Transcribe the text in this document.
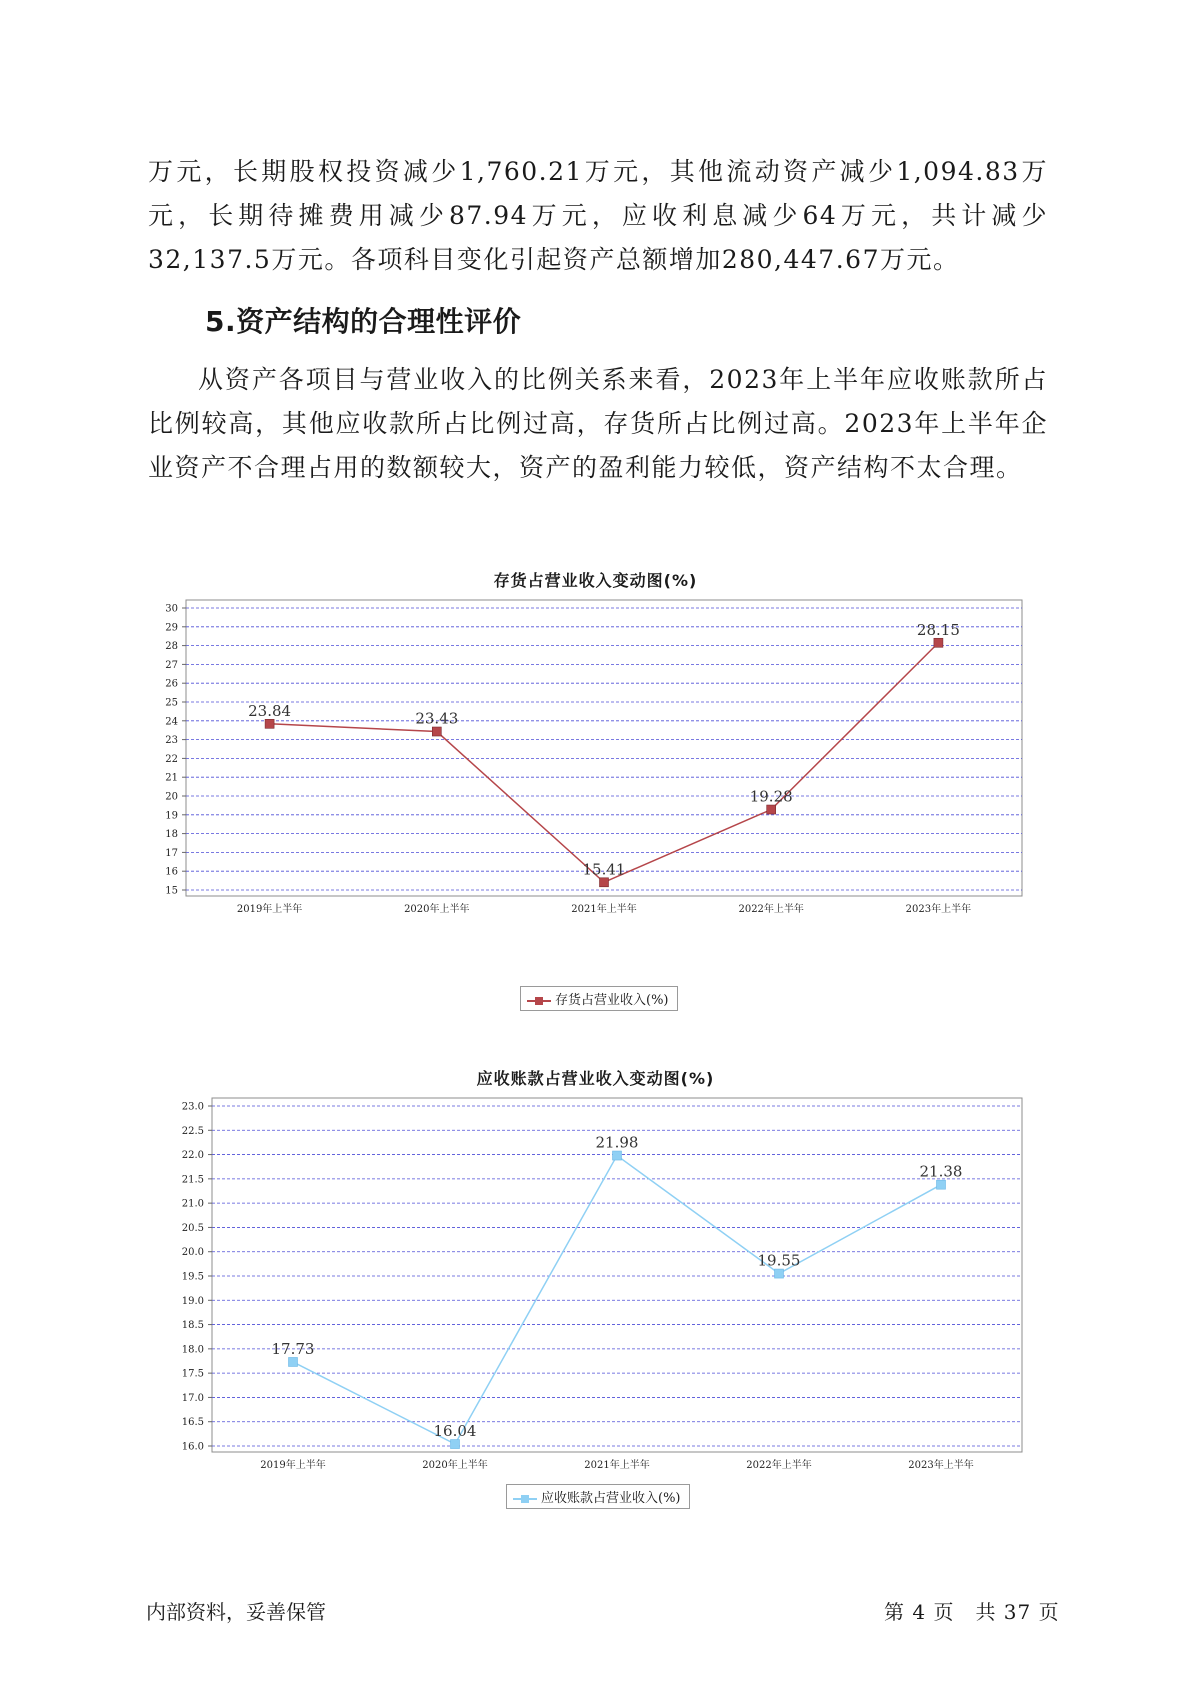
万元，长期股权投资减少1,760.21万元，其他流动资产减少1,094.83万元，长期待摊费用减少87.94万元，应收利息减少64万元，共计减少32,137.5万元。各项科目变化引起资产总额增加280,447.67万元。

5.资产结构的合理性评价

从资产各项目与营业收入的比例关系来看，2023年上半年应收账款所占比例较高，其他应收款所占比例过高，存货所占比例过高。2023年上半年企业资产不合理占用的数额较大，资产的盈利能力较低，资产结构不太合理。

存货占营业收入变动图(%)
15
16
17
18
19
20
21
22
23
24
25
26
27
28
29
30
2019年上半年	2020年上半年	2021年上半年	2022年上半年	2023年上半年
23.84	23.43
15.41
19.28
28.15
存货占营业收入(%)
应收账款占营业收入变动图(%)
16.0
16.5
17.0
17.5
18.0
18.5
19.0
19.5
20.0
20.5
21.0
21.5
22.0
22.5
23.0
2019年上半年	2020年上半年	2021年上半年	2022年上半年	2023年上半年
17.73
16.04
21.98
19.55
21.38
应收账款占营业收入(%)

内部资料，妥善保管	第 4 页　共 37 页
